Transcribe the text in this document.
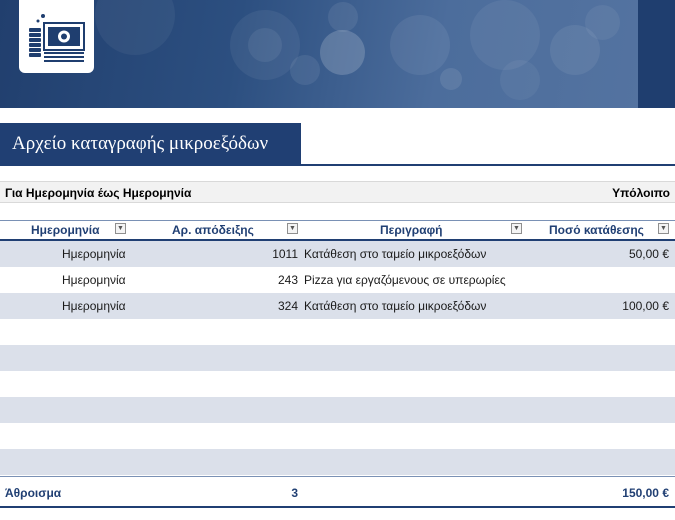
Αρχείο καταγραφής μικροεξόδων
Για Ημερομηνία έως Ημερομηνία	Υπόλοιπο
Ημερομηνία	▼	Αρ. απόδειξης	▼	Περιγραφή	▼ Ποσό κατάθεσης ▼
Ημερομηνία	1011 Κατάθεση στο ταμείο μικροεξόδων	50,00 €
Ημερομηνία	243 Pizza για εργαζόμενους σε υπερωρίες
Ημερομηνία	324 Κατάθεση στο ταμείο μικροεξόδων	100,00 €
Άθροισμα	3	150,00 €
